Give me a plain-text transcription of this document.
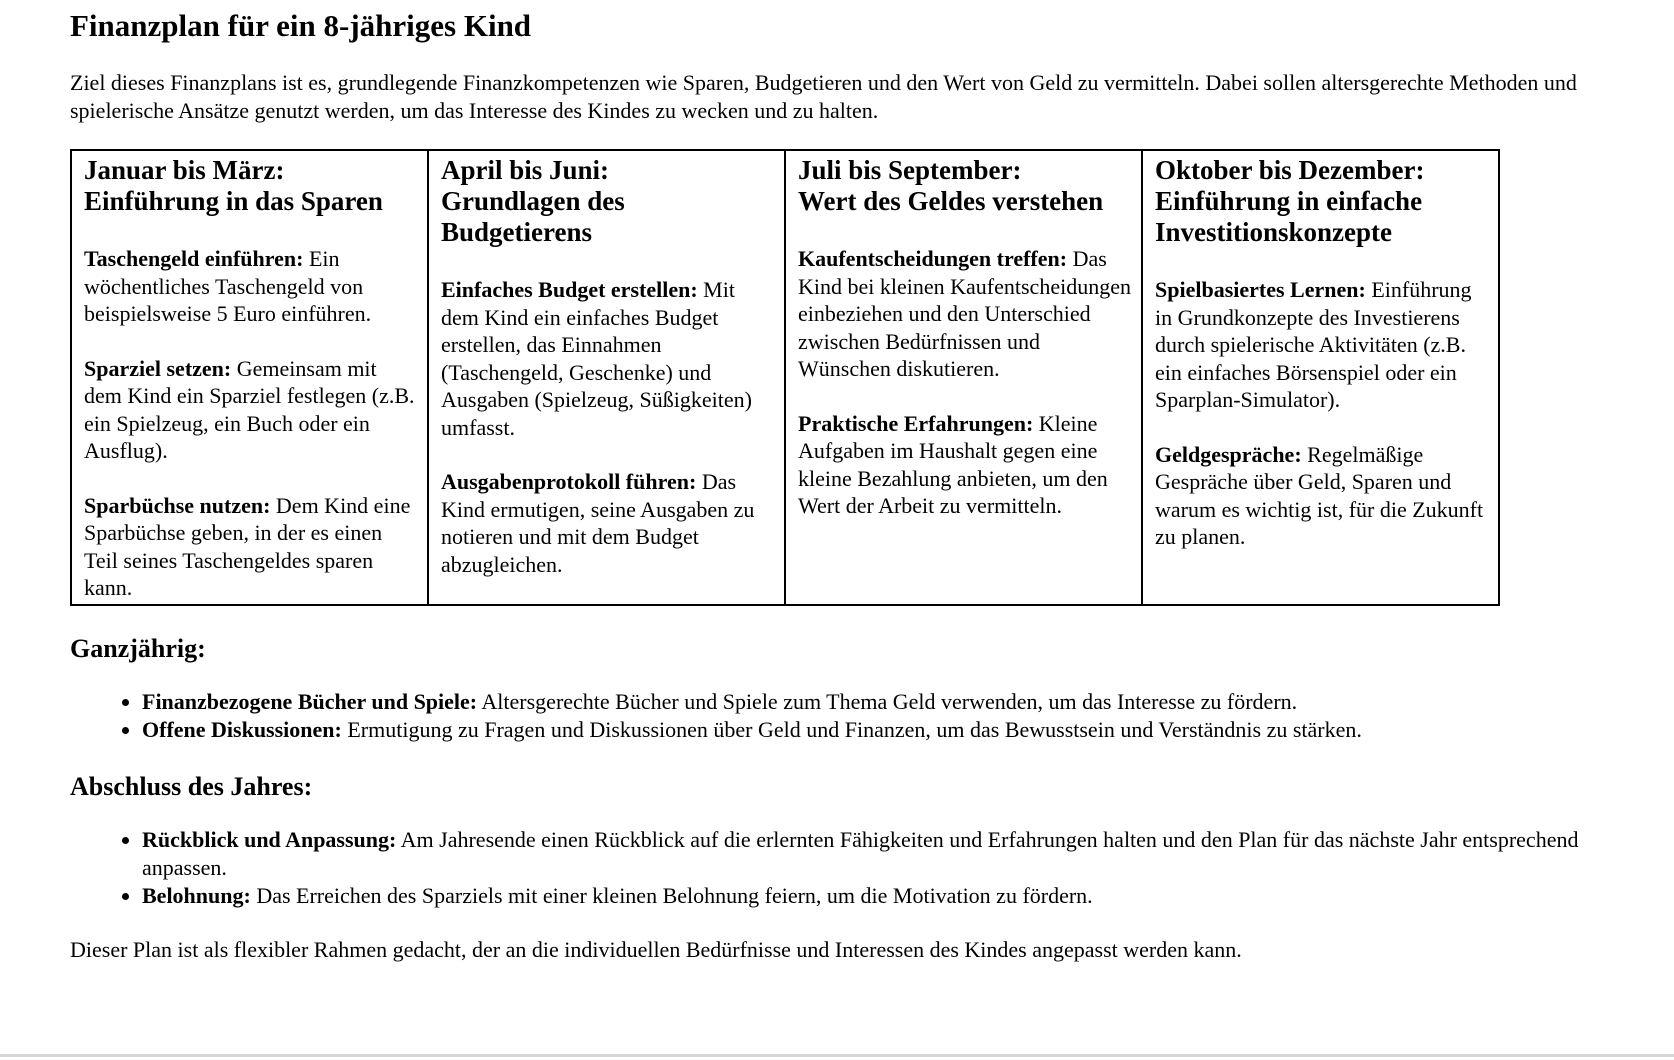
Finanzplan für ein 8-jähriges Kind

Ziel dieses Finanzplans ist es, grundlegende Finanzkompetenzen wie Sparen, Budgetieren und den Wert von Geld zu vermitteln. Dabei sollen altersgerechte Methoden und spielerische Ansätze genutzt werden, um das Interesse des Kindes zu wecken und zu halten.

Januar bis März:
Einführung in das Sparen
Taschengeld einführen: Ein wöchentliches Taschengeld von beispielsweise 5 Euro einführen.
Sparziel setzen: Gemeinsam mit dem Kind ein Sparziel festlegen (z.B. ein Spielzeug, ein Buch oder ein Ausflug).
Sparbüchse nutzen: Dem Kind eine Sparbüchse geben, in der es einen Teil seines Taschengeldes sparen kann.

April bis Juni:
Grundlagen des Budgetierens
Einfaches Budget erstellen: Mit dem Kind ein einfaches Budget erstellen, das Einnahmen (Taschengeld, Geschenke) und Ausgaben (Spielzeug, Süßigkeiten) umfasst.
Ausgabenprotokoll führen: Das Kind ermutigen, seine Ausgaben zu notieren und mit dem Budget abzugleichen.

Juli bis September:
Wert des Geldes verstehen
Kaufentscheidungen treffen: Das Kind bei kleinen Kaufentscheidungen einbeziehen und den Unterschied zwischen Bedürfnissen und Wünschen diskutieren.
Praktische Erfahrungen: Kleine Aufgaben im Haushalt gegen eine kleine Bezahlung anbieten, um den Wert der Arbeit zu vermitteln.

Oktober bis Dezember:
Einführung in einfache Investitionskonzepte
Spielbasiertes Lernen: Einführung in Grundkonzepte des Investierens durch spielerische Aktivitäten (z.B. ein einfaches Börsenspiel oder ein Sparplan-Simulator).
Geldgespräche: Regelmäßige Gespräche über Geld, Sparen und warum es wichtig ist, für die Zukunft zu planen.
Ganzjährig:
• Finanzbezogene Bücher und Spiele: Altersgerechte Bücher und Spiele zum Thema Geld verwenden, um das Interesse zu fördern.
• Offene Diskussionen: Ermutigung zu Fragen und Diskussionen über Geld und Finanzen, um das Bewusstsein und Verständnis zu stärken.
Abschluss des Jahres:
• Rückblick und Anpassung: Am Jahresende einen Rückblick auf die erlernten Fähigkeiten und Erfahrungen halten und den Plan für das nächste Jahr entsprechend anpassen.
• Belohnung: Das Erreichen des Sparziels mit einer kleinen Belohnung feiern, um die Motivation zu fördern.

Dieser Plan ist als flexibler Rahmen gedacht, der an die individuellen Bedürfnisse und Interessen des Kindes angepasst werden kann.
